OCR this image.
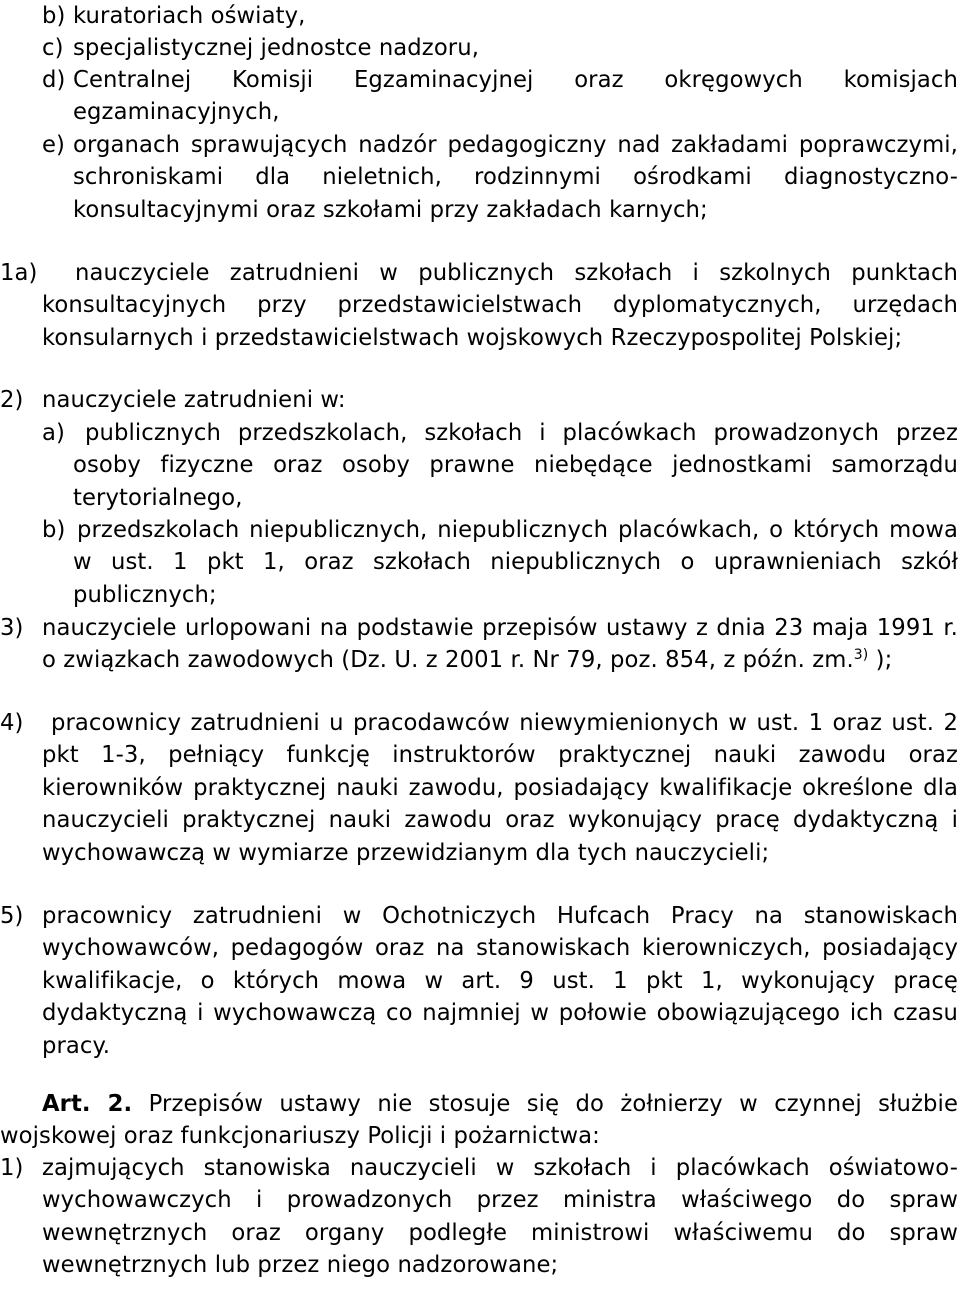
b) kuratoriach oświaty,
c) specjalistycznej jednostce nadzoru,
d) Centralnej Komisji Egzaminacyjnej oraz okręgowych komisjach egzaminacyjnych,
e) organach sprawujących nadzór pedagogiczny nad zakładami poprawczymi, schroniskami dla nieletnich, rodzinnymi ośrodkami diagnostyczno-konsultacyjnymi oraz szkołami przy zakładach karnych;
1a)	nauczyciele zatrudnieni w publicznych szkołach i szkolnych punktach konsultacyjnych przy przedstawicielstwach dyplomatycznych, urzędach konsularnych i przedstawicielstwach wojskowych Rzeczypospolitej Polskiej;
2) nauczyciele zatrudnieni w:
a) publicznych przedszkolach, szkołach i placówkach prowadzonych przez osoby fizyczne oraz osoby prawne niebędące jednostkami samorządu terytorialnego,
b) przedszkolach niepublicznych, niepublicznych placówkach, o których mowa w ust. 1 pkt 1, oraz szkołach niepublicznych o uprawnieniach szkół publicznych;
3) nauczyciele urlopowani na podstawie przepisów ustawy z dnia 23 maja 1991 r. o związkach zawodowych (Dz. U. z 2001 r. Nr 79, poz. 854, z późn. zm.$^{3)}$ );
4)	pracownicy zatrudnieni u pracodawców niewymienionych w ust. 1 oraz ust. 2 pkt 1-3, pełniący funkcję instruktorów praktycznej nauki zawodu oraz kierowników praktycznej nauki zawodu, posiadający kwalifikacje określone dla nauczycieli praktycznej nauki zawodu oraz wykonujący pracę dydaktyczną i wychowawczą w wymiarze przewidzianym dla tych nauczycieli;
5) pracownicy zatrudnieni w Ochotniczych Hufcach Pracy na stanowiskach wychowawców, pedagogów oraz na stanowiskach kierowniczych, posiadający kwalifikacje, o których mowa w art. 9 ust. 1 pkt 1, wykonujący pracę dydaktyczną i wychowawczą co najmniej w połowie obowiązującego ich czasu pracy.
Art. 2. Przepisów ustawy nie stosuje się do żołnierzy w czynnej służbie wojskowej oraz funkcjonariuszy Policji i pożarnictwa:
1) zajmujących stanowiska nauczycieli w szkołach i placówkach oświatowo-wychowawczych i prowadzonych przez ministra właściwego do spraw wewnętrznych oraz organy podległe ministrowi właściwemu do spraw wewnętrznych lub przez niego nadzorowane;
